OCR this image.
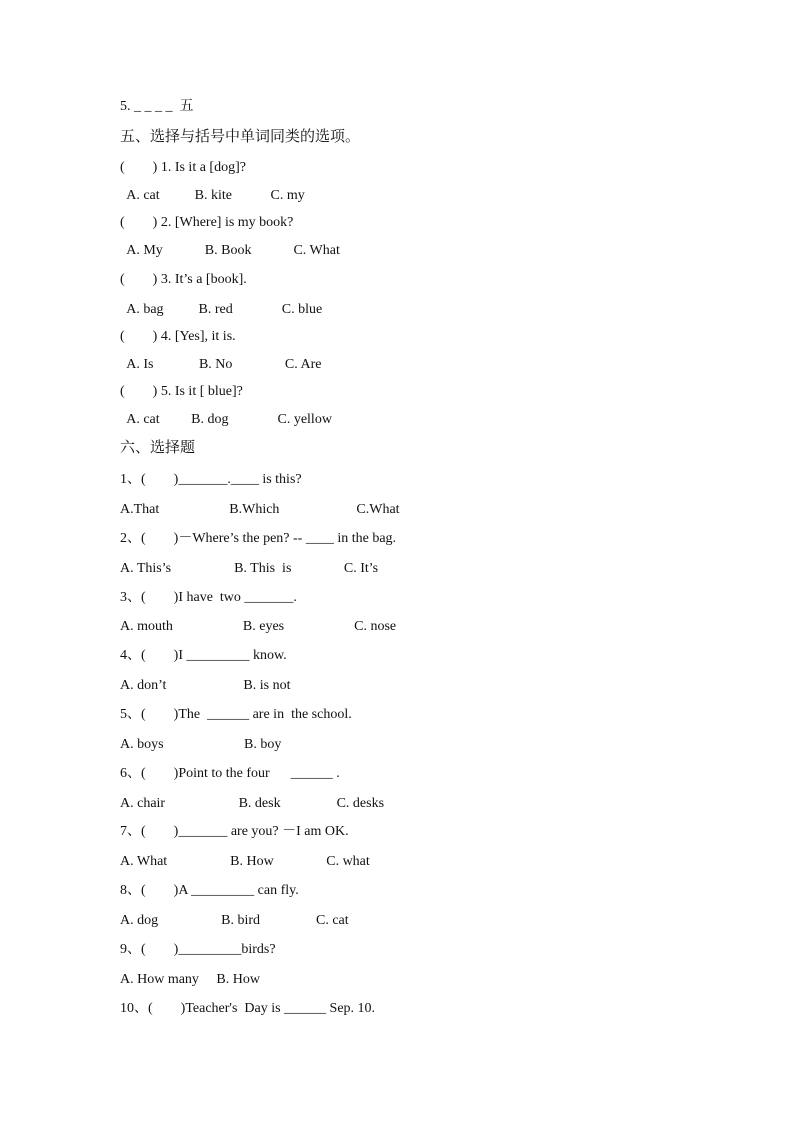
5. _ _ _ _  五
五、选择与括号中单词同类的选项。
(        ) 1. Is it a [dog]?
A. cat          B. kite           C. my
(        ) 2. [Where] is my book?
A. My            B. Book            C. What
(        ) 3. It’s a [book].
A. bag          B. red              C. blue
(        ) 4. [Yes], it is.
A. Is             B. No               C. Are
(        ) 5. Is it [ blue]?
A. cat         B. dog              C. yellow
六、选择题
1、(        )_______.____ is this?
A.That                    B.Which                      C.What
2、(        )－Where’s the pen? -- ____ in the bag.
A. This’s                  B. This  is               C. It’s
3、(        )I have  two _______.
A. mouth                    B. eyes                    C. nose
4、(        )I _________ know.
A. don’t                      B. is not
5、(        )The  ______ are in  the school.
A. boys                       B. boy
6、(        )Point to the four      ______ .
A. chair                     B. desk                C. desks
7、(        )_______ are you? －I am OK.
A. What                  B. How               C. what
8、(        )A _________ can fly.
A. dog                  B. bird                C. cat
9、(        )_________birds?
A. How many     B. How
10、(        )Teacher's  Day is ______ Sep. 10.
